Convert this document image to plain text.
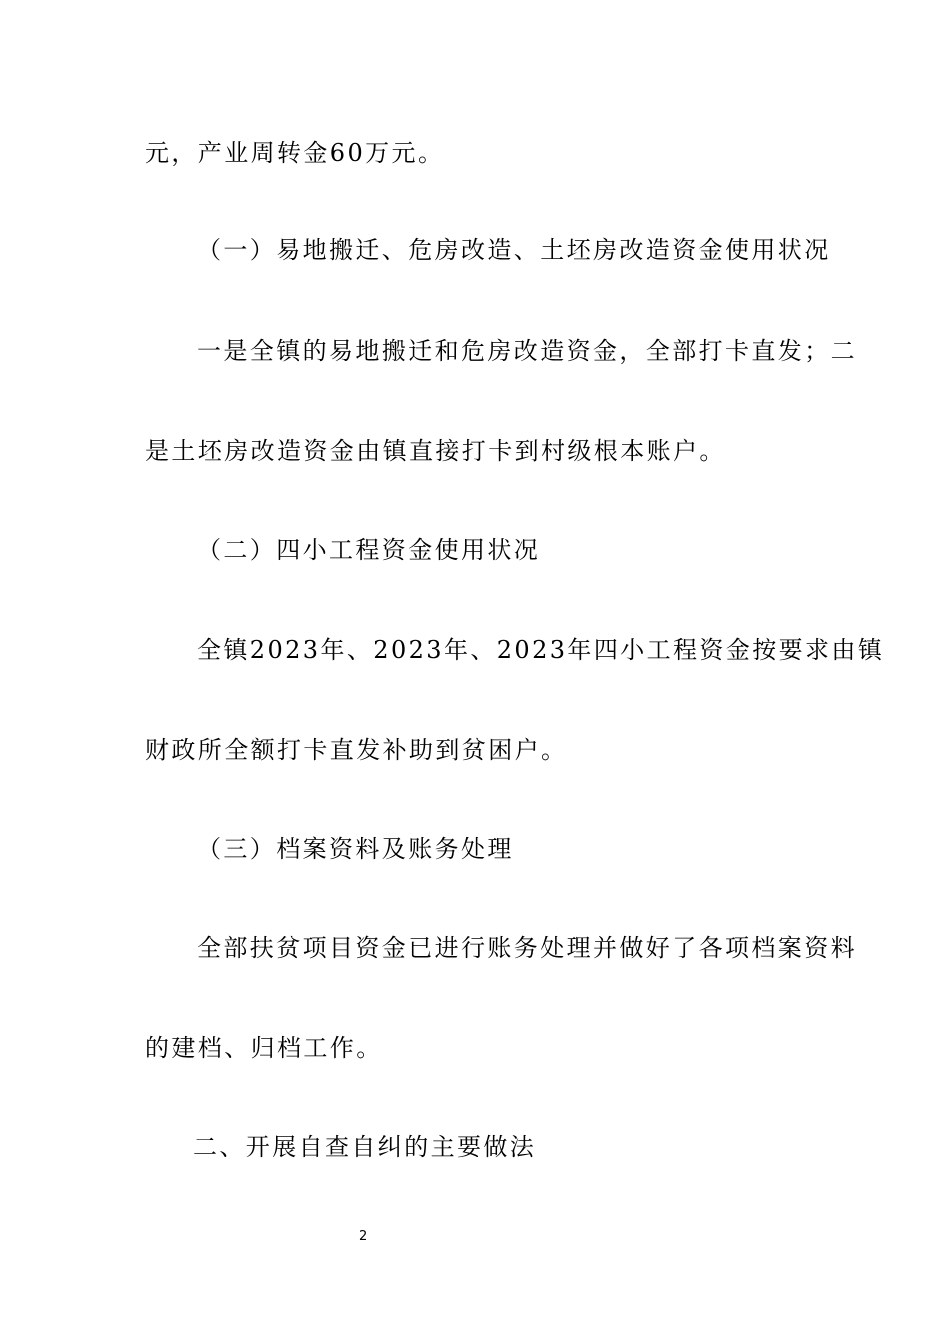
元，产业周转金60万元。
（一）易地搬迁、危房改造、土坯房改造资金使用状况
一是全镇的易地搬迁和危房改造资金，全部打卡直发；二
是土坯房改造资金由镇直接打卡到村级根本账户。
（二）四小工程资金使用状况
全镇2023年、2023年、2023年四小工程资金按要求由镇
财政所全额打卡直发补助到贫困户。
（三）档案资料及账务处理
全部扶贫项目资金已进行账务处理并做好了各项档案资料
的建档、归档工作。
二、开展自查自纠的主要做法
2
